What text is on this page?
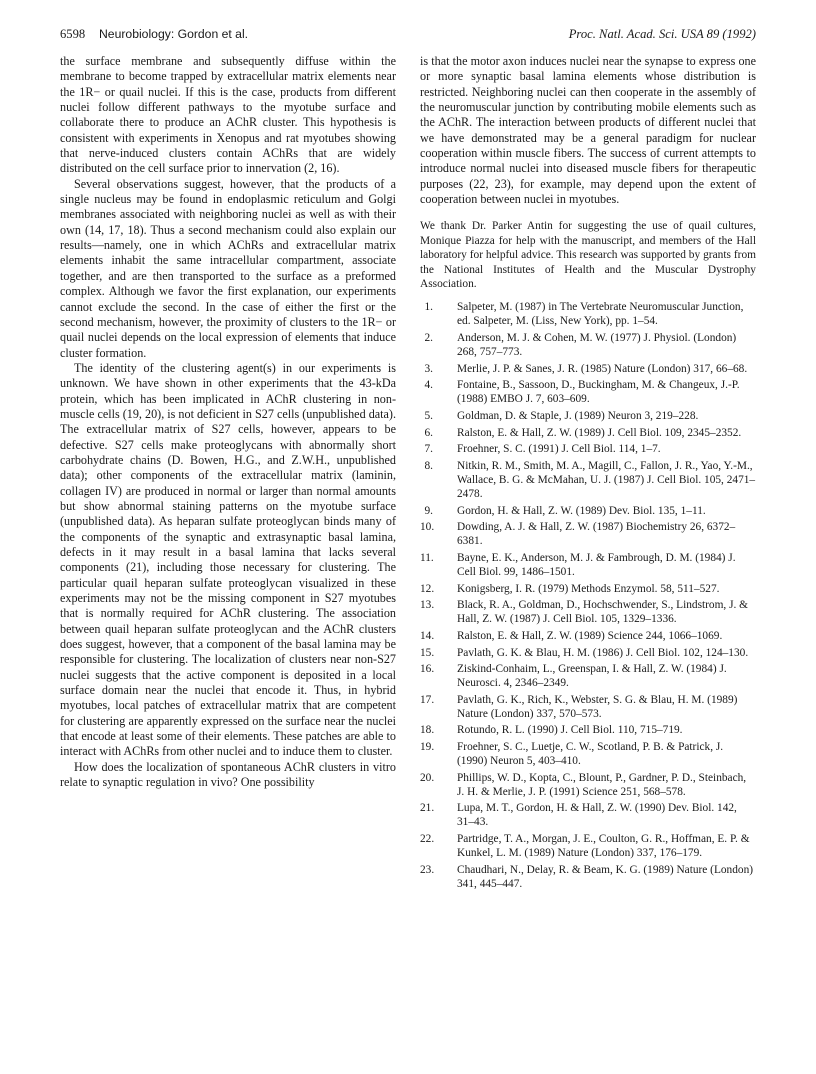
6598 Neurobiology: Gordon et al.	Proc. Natl. Acad. Sci. USA 89 (1992)

the surface membrane and subsequently diffuse within the membrane to become trapped by extracellular matrix elements near the 1R− or quail nuclei. If this is the case, products from different nuclei follow different pathways to the myotube surface and collaborate there to produce an AChR cluster. This hypothesis is consistent with experiments in Xenopus and rat myotubes showing that nerve-induced clusters contain AChRs that are widely distributed on the cell surface prior to innervation (2, 16).

Several observations suggest, however, that the products of a single nucleus may be found in endoplasmic reticulum and Golgi membranes associated with neighboring nuclei as well as with their own (14, 17, 18). Thus a second mechanism could also explain our results—namely, one in which AChRs and extracellular matrix elements inhabit the same intracellular compartment, associate together, and are then transported to the surface as a preformed complex. Although we favor the first explanation, our experiments cannot exclude the second. In the case of either the first or the second mechanism, however, the proximity of clusters to the 1R− or quail nuclei depends on the local expression of elements that induce cluster formation.

The identity of the clustering agent(s) in our experiments is unknown. We have shown in other experiments that the 43-kDa protein, which has been implicated in AChR clustering in non-muscle cells (19, 20), is not deficient in S27 cells (unpublished data). The extracellular matrix of S27 cells, however, appears to be defective. S27 cells make proteoglycans with abnormally short carbohydrate chains (D. Bowen, H.G., and Z.W.H., unpublished data); other components of the extracellular matrix (laminin, collagen IV) are produced in normal or larger than normal amounts but show abnormal staining patterns on the myotube surface (unpublished data). As heparan sulfate proteoglycan binds many of the components of the synaptic and extrasynaptic basal lamina, defects in it may result in a basal lamina that lacks several components (21), including those necessary for clustering. The particular quail heparan sulfate proteoglycan visualized in these experiments may not be the missing component in S27 myotubes that is normally required for AChR clustering. The association between quail heparan sulfate proteoglycan and the AChR clusters does suggest, however, that a component of the basal lamina may be responsible for clustering. The localization of clusters near non-S27 nuclei suggests that the active component is deposited in a local surface domain near the nuclei that encode it. Thus, in hybrid myotubes, local patches of extracellular matrix that are competent for clustering are apparently expressed on the surface near the nuclei that encode at least some of their elements. These patches are able to interact with AChRs from other nuclei and to induce them to cluster.

How does the localization of spontaneous AChR clusters in vitro relate to synaptic regulation in vivo? One possibility

is that the motor axon induces nuclei near the synapse to express one or more synaptic basal lamina elements whose distribution is restricted. Neighboring nuclei can then cooperate in the assembly of the neuromuscular junction by contributing mobile elements such as the AChR. The interaction between products of different nuclei that we have demonstrated may be a general paradigm for nuclear cooperation within muscle fibers. The success of current attempts to introduce normal nuclei into diseased muscle fibers for therapeutic purposes (22, 23), for example, may depend upon the extent of cooperation between nuclei in myotubes.

We thank Dr. Parker Antin for suggesting the use of quail cultures, Monique Piazza for help with the manuscript, and members of the Hall laboratory for helpful advice. This research was supported by grants from the National Institutes of Health and the Muscular Dystrophy Association.

1. Salpeter, M. (1987) in The Vertebrate Neuromuscular Junction, ed. Salpeter, M. (Liss, New York), pp. 1–54.
2. Anderson, M. J. & Cohen, M. W. (1977) J. Physiol. (London) 268, 757–773.
3. Merlie, J. P. & Sanes, J. R. (1985) Nature (London) 317, 66–68.
4. Fontaine, B., Sassoon, D., Buckingham, M. & Changeux, J.-P. (1988) EMBO J. 7, 603–609.
5. Goldman, D. & Staple, J. (1989) Neuron 3, 219–228.
6. Ralston, E. & Hall, Z. W. (1989) J. Cell Biol. 109, 2345–2352.
7. Froehner, S. C. (1991) J. Cell Biol. 114, 1–7.
8. Nitkin, R. M., Smith, M. A., Magill, C., Fallon, J. R., Yao, Y.-M., Wallace, B. G. & McMahan, U. J. (1987) J. Cell Biol. 105, 2471–2478.
9. Gordon, H. & Hall, Z. W. (1989) Dev. Biol. 135, 1–11.
10. Dowding, A. J. & Hall, Z. W. (1987) Biochemistry 26, 6372–6381.
11. Bayne, E. K., Anderson, M. J. & Fambrough, D. M. (1984) J. Cell Biol. 99, 1486–1501.
12. Konigsberg, I. R. (1979) Methods Enzymol. 58, 511–527.
13. Black, R. A., Goldman, D., Hochschwender, S., Lindstrom, J. & Hall, Z. W. (1987) J. Cell Biol. 105, 1329–1336.
14. Ralston, E. & Hall, Z. W. (1989) Science 244, 1066–1069.
15. Pavlath, G. K. & Blau, H. M. (1986) J. Cell Biol. 102, 124–130.
16. Ziskind-Conhaim, L., Greenspan, I. & Hall, Z. W. (1984) J. Neurosci. 4, 2346–2349.
17. Pavlath, G. K., Rich, K., Webster, S. G. & Blau, H. M. (1989) Nature (London) 337, 570–573.
18. Rotundo, R. L. (1990) J. Cell Biol. 110, 715–719.
19. Froehner, S. C., Luetje, C. W., Scotland, P. B. & Patrick, J. (1990) Neuron 5, 403–410.
20. Phillips, W. D., Kopta, C., Blount, P., Gardner, P. D., Steinbach, J. H. & Merlie, J. P. (1991) Science 251, 568–578.
21. Lupa, M. T., Gordon, H. & Hall, Z. W. (1990) Dev. Biol. 142, 31–43.
22. Partridge, T. A., Morgan, J. E., Coulton, G. R., Hoffman, E. P. & Kunkel, L. M. (1989) Nature (London) 337, 176–179.
23. Chaudhari, N., Delay, R. & Beam, K. G. (1989) Nature (London) 341, 445–447.
